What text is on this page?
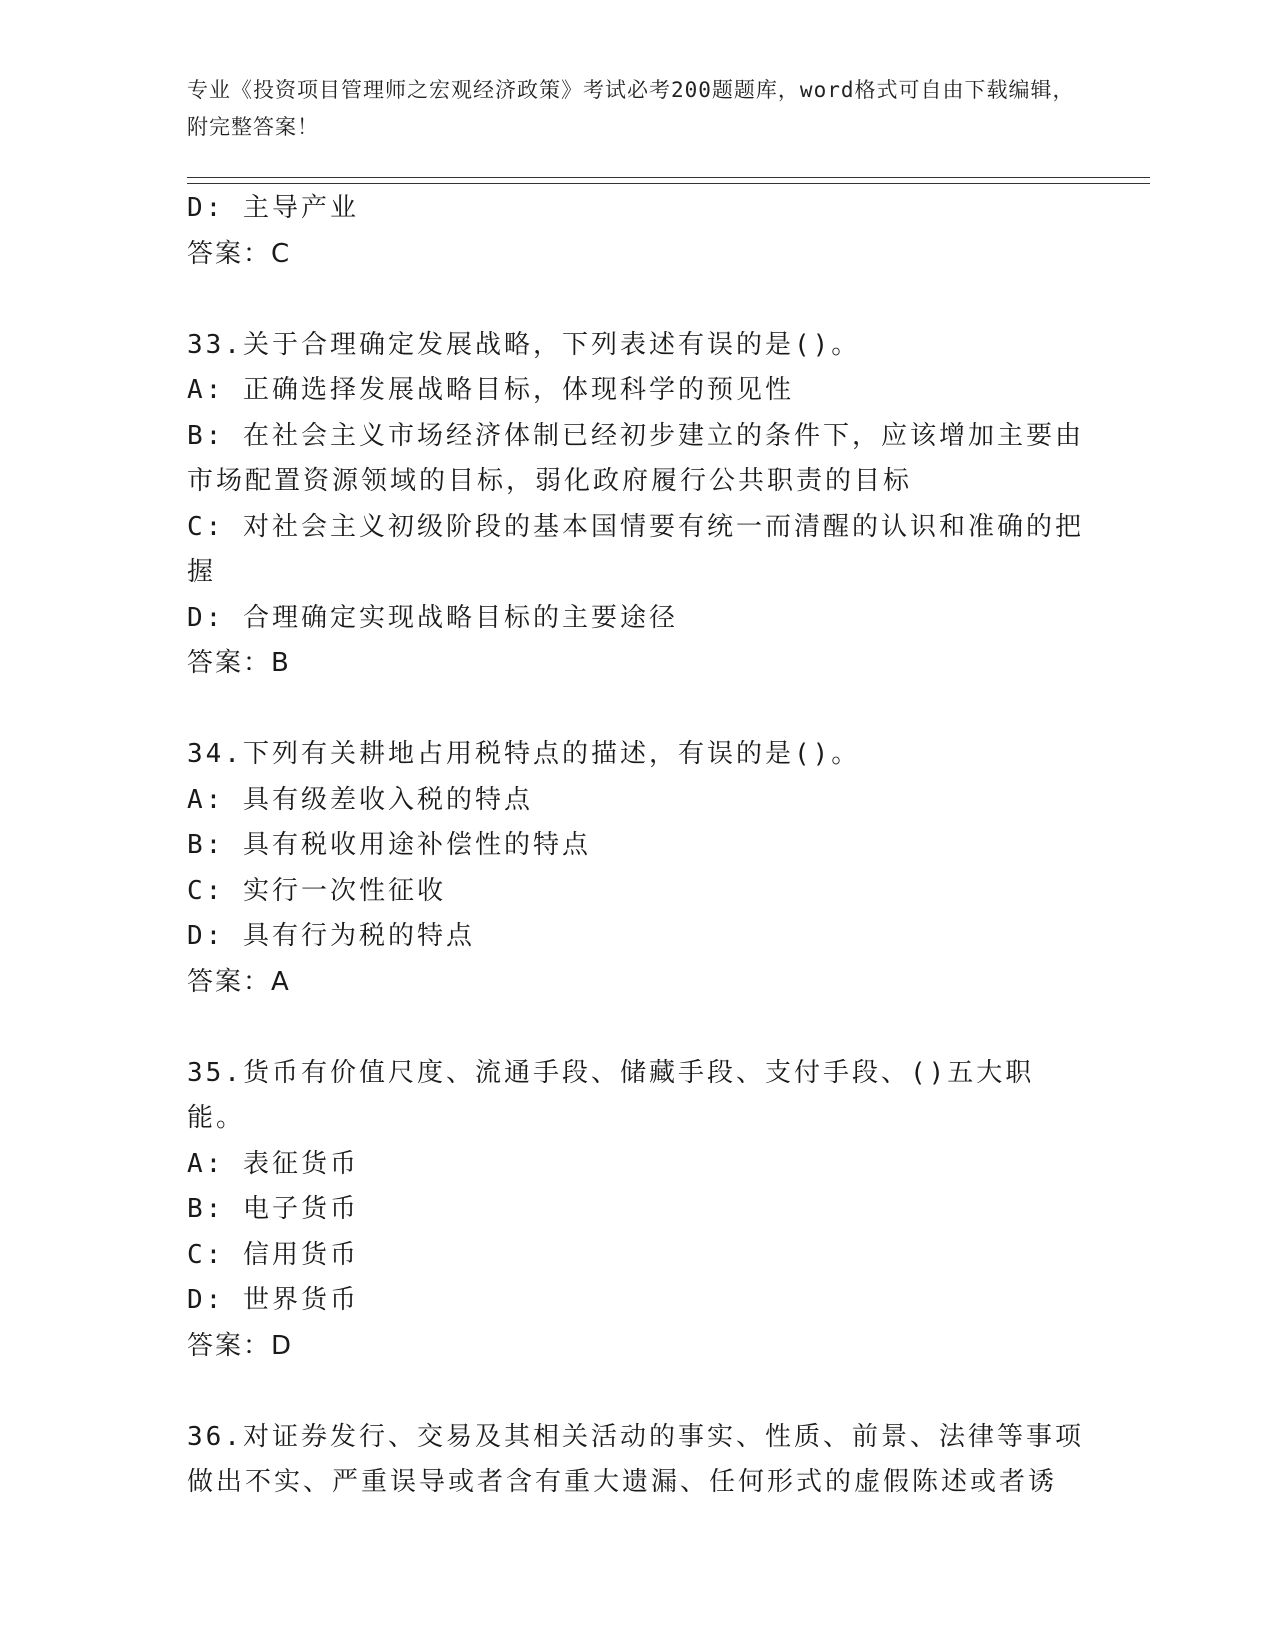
专业《投资项目管理师之宏观经济政策》考试必考200题题库，word格式可自由下载编辑，附完整答案！
D: 主导产业
答案：C
33.关于合理确定发展战略，下列表述有误的是()。
A: 正确选择发展战略目标，体现科学的预见性
B: 在社会主义市场经济体制已经初步建立的条件下，应该增加主要由市场配置资源领域的目标，弱化政府履行公共职责的目标
C: 对社会主义初级阶段的基本国情要有统一而清醒的认识和准确的把握
D: 合理确定实现战略目标的主要途径
答案：B
34.下列有关耕地占用税特点的描述，有误的是()。
A: 具有级差收入税的特点
B: 具有税收用途补偿性的特点
C: 实行一次性征收
D: 具有行为税的特点
答案：A
35.货币有价值尺度、流通手段、储藏手段、支付手段、()五大职能。
A: 表征货币
B: 电子货币
C: 信用货币
D: 世界货币
答案：D
36.对证券发行、交易及其相关活动的事实、性质、前景、法律等事项做出不实、严重误导或者含有重大遗漏、任何形式的虚假陈述或者诱
